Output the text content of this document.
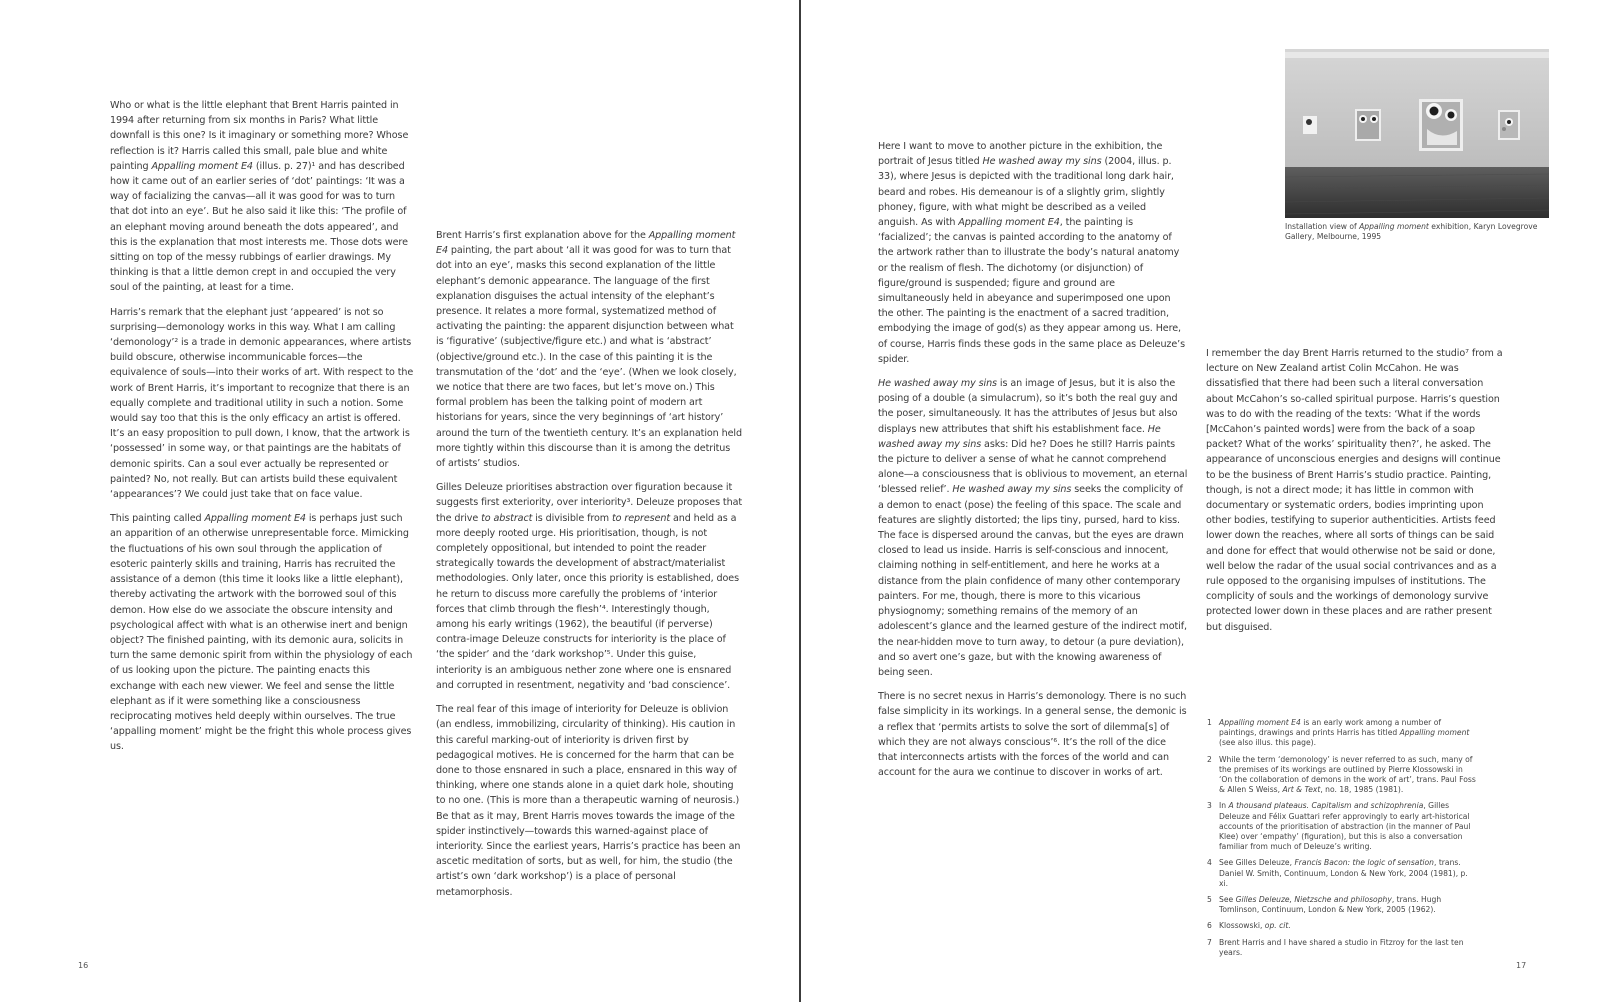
Who or what is the little elephant that Brent Harris painted in 1994 after returning from six months in Paris? What little downfall is this one? Is it imaginary or something more? Whose reflection is it? Harris called this small, pale blue and white painting Appalling moment E4 (illus. p. 27)¹ and has described how it came out of an earlier series of ‘dot’ paintings: ‘It was a way of facializing the canvas—all it was good for was to turn that dot into an eye’. But he also said it like this: ‘The profile of an elephant moving around beneath the dots appeared’, and this is the explanation that most interests me. Those dots were sitting on top of the messy rubbings of earlier drawings. My thinking is that a little demon crept in and occupied the very soul of the painting, at least for a time.

Harris’s remark that the elephant just ‘appeared’ is not so surprising—demonology works in this way. What I am calling ‘demonology’² is a trade in demonic appearances, where artists build obscure, otherwise incommunicable forces—the equivalence of souls—into their works of art. With respect to the work of Brent Harris, it’s important to recognize that there is an equally complete and traditional utility in such a notion. Some would say too that this is the only efficacy an artist is offered. It’s an easy proposition to pull down, I know, that the artwork is ‘possessed’ in some way, or that paintings are the habitats of demonic spirits. Can a soul ever actually be represented or painted? No, not really. But can artists build these equivalent ‘appearances’? We could just take that on face value.

This painting called Appalling moment E4 is perhaps just such an apparition of an otherwise unrepresentable force. Mimicking the fluctuations of his own soul through the application of esoteric painterly skills and training, Harris has recruited the assistance of a demon (this time it looks like a little elephant), thereby activating the artwork with the borrowed soul of this demon. How else do we associate the obscure intensity and psychological affect with what is an otherwise inert and benign object? The finished painting, with its demonic aura, solicits in turn the same demonic spirit from within the physiology of each of us looking upon the picture. The painting enacts this exchange with each new viewer. We feel and sense the little elephant as if it were something like a consciousness reciprocating motives held deeply within ourselves. The true ‘appalling moment’ might be the fright this whole process gives us.

Brent Harris’s first explanation above for the Appalling moment E4 painting, the part about ‘all it was good for was to turn that dot into an eye’, masks this second explanation of the little elephant’s demonic appearance. The language of the first explanation disguises the actual intensity of the elephant’s presence. It relates a more formal, systematized method of activating the painting: the apparent disjunction between what is ‘figurative’ (subjective/figure etc.) and what is ‘abstract’ (objective/ground etc.). In the case of this painting it is the transmutation of the ‘dot’ and the ‘eye’. (When we look closely, we notice that there are two faces, but let’s move on.) This formal problem has been the talking point of modern art historians for years, since the very beginnings of ‘art history’ around the turn of the twentieth century. It’s an explanation held more tightly within this discourse than it is among the detritus of artists’ studios.

Gilles Deleuze prioritises abstraction over figuration because it suggests first exteriority, over interiority³. Deleuze proposes that the drive to abstract is divisible from to represent and held as a more deeply rooted urge. His prioritisation, though, is not completely oppositional, but intended to point the reader strategically towards the development of abstract/materialist methodologies. Only later, once this priority is established, does he return to discuss more carefully the problems of ‘interior forces that climb through the flesh’⁴. Interestingly though, among his early writings (1962), the beautiful (if perverse) contra-image Deleuze constructs for interiority is the place of ‘the spider’ and the ‘dark workshop’⁵. Under this guise, interiority is an ambiguous nether zone where one is ensnared and corrupted in resentment, negativity and ‘bad conscience’.

The real fear of this image of interiority for Deleuze is oblivion (an endless, immobilizing, circularity of thinking). His caution in this careful marking-out of interiority is driven first by pedagogical motives. He is concerned for the harm that can be done to those ensnared in such a place, ensnared in this way of thinking, where one stands alone in a quiet dark hole, shouting to no one. (This is more than a therapeutic warning of neurosis.) Be that as it may, Brent Harris moves towards the image of the spider instinctively—towards this warned-against place of interiority. Since the earliest years, Harris’s practice has been an ascetic meditation of sorts, but as well, for him, the studio (the artist’s own ‘dark workshop’) is a place of personal metamorphosis.

16

Here I want to move to another picture in the exhibition, the portrait of Jesus titled He washed away my sins (2004, illus. p. 33), where Jesus is depicted with the traditional long dark hair, beard and robes. His demeanour is of a slightly grim, slightly phoney, figure, with what might be described as a veiled anguish. As with Appalling moment E4, the painting is ‘facialized’; the canvas is painted according to the anatomy of the artwork rather than to illustrate the body’s natural anatomy or the realism of flesh. The dichotomy (or disjunction) of figure/ground is suspended; figure and ground are simultaneously held in abeyance and superimposed one upon the other. The painting is the enactment of a sacred tradition, embodying the image of god(s) as they appear among us. Here, of course, Harris finds these gods in the same place as Deleuze’s spider.

He washed away my sins is an image of Jesus, but it is also the posing of a double (a simulacrum), so it’s both the real guy and the poser, simultaneously. It has the attributes of Jesus but also displays new attributes that shift his establishment face. He washed away my sins asks: Did he? Does he still? Harris paints the picture to deliver a sense of what he cannot comprehend alone—a consciousness that is oblivious to movement, an eternal ‘blessed relief’. He washed away my sins seeks the complicity of a demon to enact (pose) the feeling of this space. The scale and features are slightly distorted; the lips tiny, pursed, hard to kiss. The face is dispersed around the canvas, but the eyes are drawn closed to lead us inside. Harris is self-conscious and innocent, claiming nothing in self-entitlement, and here he works at a distance from the plain confidence of many other contemporary painters. For me, though, there is more to this vicarious physiognomy; something remains of the memory of an adolescent’s glance and the learned gesture of the indirect motif, the near-hidden move to turn away, to detour (a pure deviation), and so avert one’s gaze, but with the knowing awareness of being seen.

There is no secret nexus in Harris’s demonology. There is no such false simplicity in its workings. In a general sense, the demonic is a reflex that ‘permits artists to solve the sort of dilemma[s] of which they are not always conscious’⁶. It’s the roll of the dice that interconnects artists with the forces of the world and can account for the aura we continue to discover in works of art.

Installation view of Appalling moment exhibition, Karyn Lovegrove Gallery, Melbourne, 1995

I remember the day Brent Harris returned to the studio⁷ from a lecture on New Zealand artist Colin McCahon. He was dissatisfied that there had been such a literal conversation about McCahon’s so-called spiritual purpose. Harris’s question was to do with the reading of the texts: ‘What if the words [McCahon’s painted words] were from the back of a soap packet? What of the works’ spirituality then?’, he asked. The appearance of unconscious energies and designs will continue to be the business of Brent Harris’s studio practice. Painting, though, is not a direct mode; it has little in common with documentary or systematic orders, bodies imprinting upon other bodies, testifying to superior authenticities. Artists feed lower down the reaches, where all sorts of things can be said and done for effect that would otherwise not be said or done, well below the radar of the usual social contrivances and as a rule opposed to the organising impulses of institutions. The complicity of souls and the workings of demonology survive protected lower down in these places and are rather present but disguised.

1 Appalling moment E4 is an early work among a number of paintings, drawings and prints Harris has titled Appalling moment (see also illus. this page).
2 While the term ‘demonology’ is never referred to as such, many of the premises of its workings are outlined by Pierre Klossowski in ‘On the collaboration of demons in the work of art’, trans. Paul Foss & Allen S Weiss, Art & Text, no. 18, 1985 (1981).
3 In A thousand plateaus. Capitalism and schizophrenia, Gilles Deleuze and Félix Guattari refer approvingly to early art-historical accounts of the prioritisation of abstraction (in the manner of Paul Klee) over ‘empathy’ (figuration), but this is also a conversation familiar from much of Deleuze’s writing.
4 See Gilles Deleuze, Francis Bacon: the logic of sensation, trans. Daniel W. Smith, Continuum, London & New York, 2004 (1981), p. xi.
5 See Gilles Deleuze, Nietzsche and philosophy, trans. Hugh Tomlinson, Continuum, London & New York, 2005 (1962).
6 Klossowski, op. cit.
7 Brent Harris and I have shared a studio in Fitzroy for the last ten years.
17
